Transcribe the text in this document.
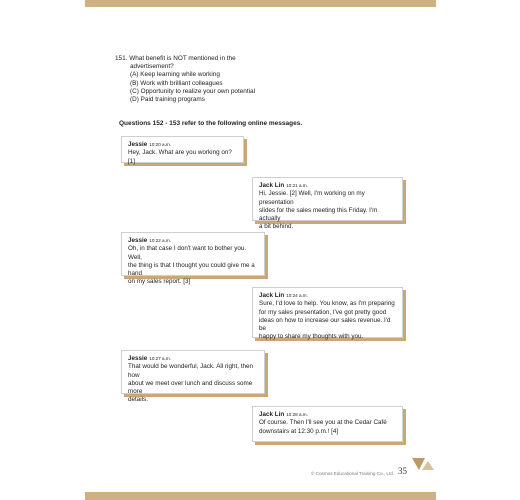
151. What benefit is NOT mentioned in the
advertisement?
(A) Keep learning while working
(B) Work with brilliant colleagues
(C) Opportunity to realize your own potential
(D) Paid training programs
Questions 152 - 153 refer to the following online messages.
Jessie 10:20 a.m.
Hey, Jack. What are you working on? [1]
Jack Lin 10:21 a.m.
Hi, Jessie. [2] Well, I'm working on my presentation
slides for the sales meeting this Friday. I'm actually
a bit behind.
Jessie 10:22 a.m.
Oh, in that case I don't want to bother you. Well,
the thing is that I thought you could give me a hand
on my sales report. [3]
Jack Lin 10:24 a.m.
Sure, I'd love to help. You know, as I'm preparing
for my sales presentation, I've got pretty good
ideas on how to increase our sales revenue. I'd be
happy to share my thoughts with you.
Jessie 10:27 a.m.
That would be wonderful, Jack. All right, then how
about we meet over lunch and discuss some more
details.
Jack Lin 10:28 a.m.
Of course. Then I'll see you at the Cedar Café
downstairs at 12:30 p.m.! [4]
© Cosmos Educational Training Co., Ltd. 35
